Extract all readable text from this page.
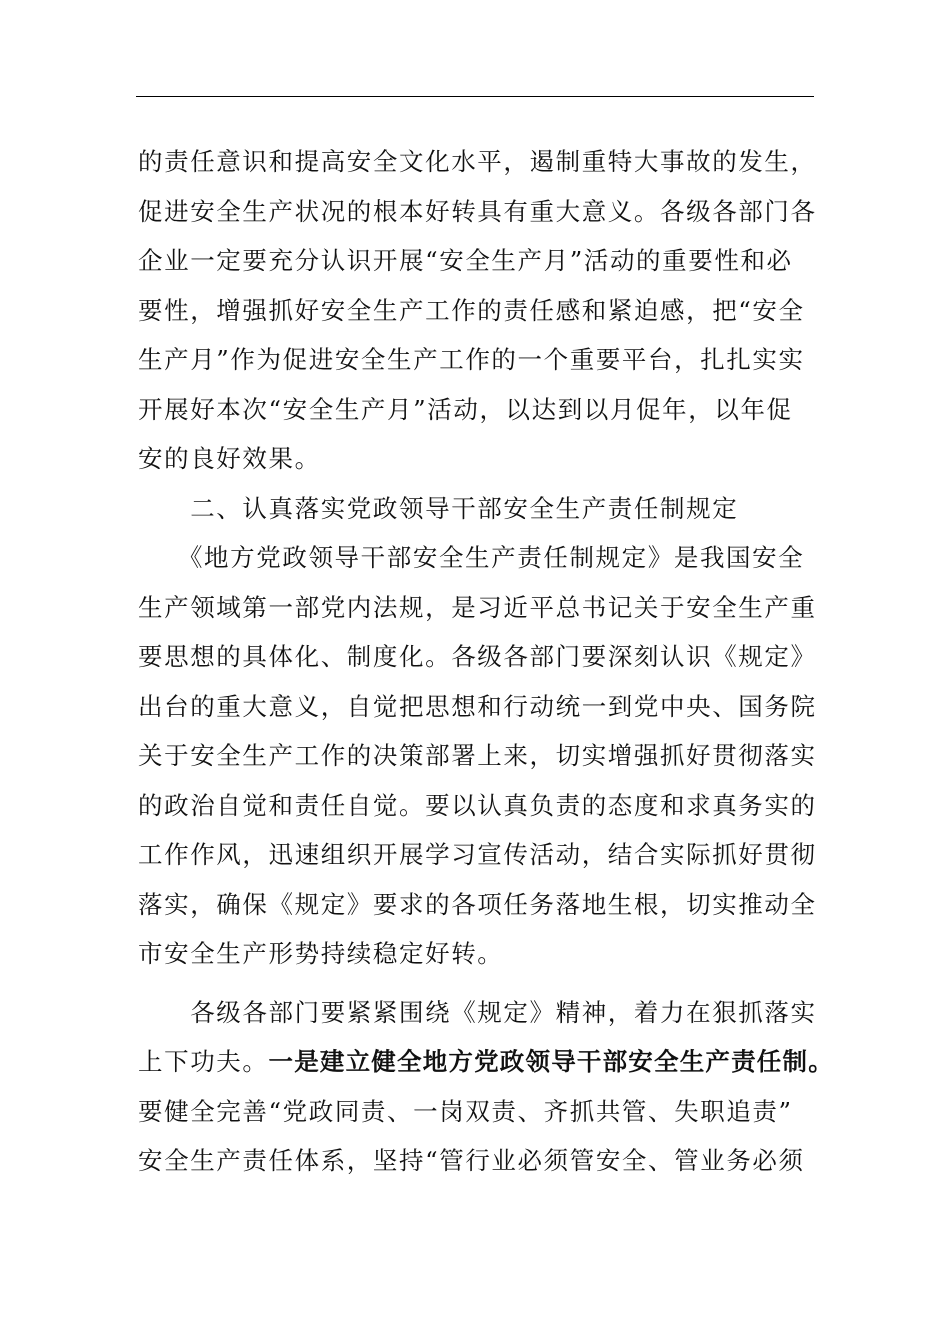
的责任意识和提高安全文化水平，遏制重特大事故的发生，
促进安全生产状况的根本好转具有重大意义。各级各部门各
企业一定要充分认识开展“安全生产月”活动的重要性和必
要性，增强抓好安全生产工作的责任感和紧迫感，把“安全
生产月”作为促进安全生产工作的一个重要平台，扎扎实实
开展好本次“安全生产月”活动，以达到以月促年，以年促
安的良好效果。
　　二、认真落实党政领导干部安全生产责任制规定
　　《地方党政领导干部安全生产责任制规定》是我国安全
生产领域第一部党内法规，是习近平总书记关于安全生产重
要思想的具体化、制度化。各级各部门要深刻认识《规定》
出台的重大意义，自觉把思想和行动统一到党中央、国务院
关于安全生产工作的决策部署上来，切实增强抓好贯彻落实
的政治自觉和责任自觉。要以认真负责的态度和求真务实的
工作作风，迅速组织开展学习宣传活动，结合实际抓好贯彻
落实，确保《规定》要求的各项任务落地生根，切实推动全
市安全生产形势持续稳定好转。
　　各级各部门要紧紧围绕《规定》精神，着力在狠抓落实
上下功夫。一是建立健全地方党政领导干部安全生产责任制。
要健全完善“党政同责、一岗双责、齐抓共管、失职追责”
安全生产责任体系，坚持“管行业必须管安全、管业务必须
